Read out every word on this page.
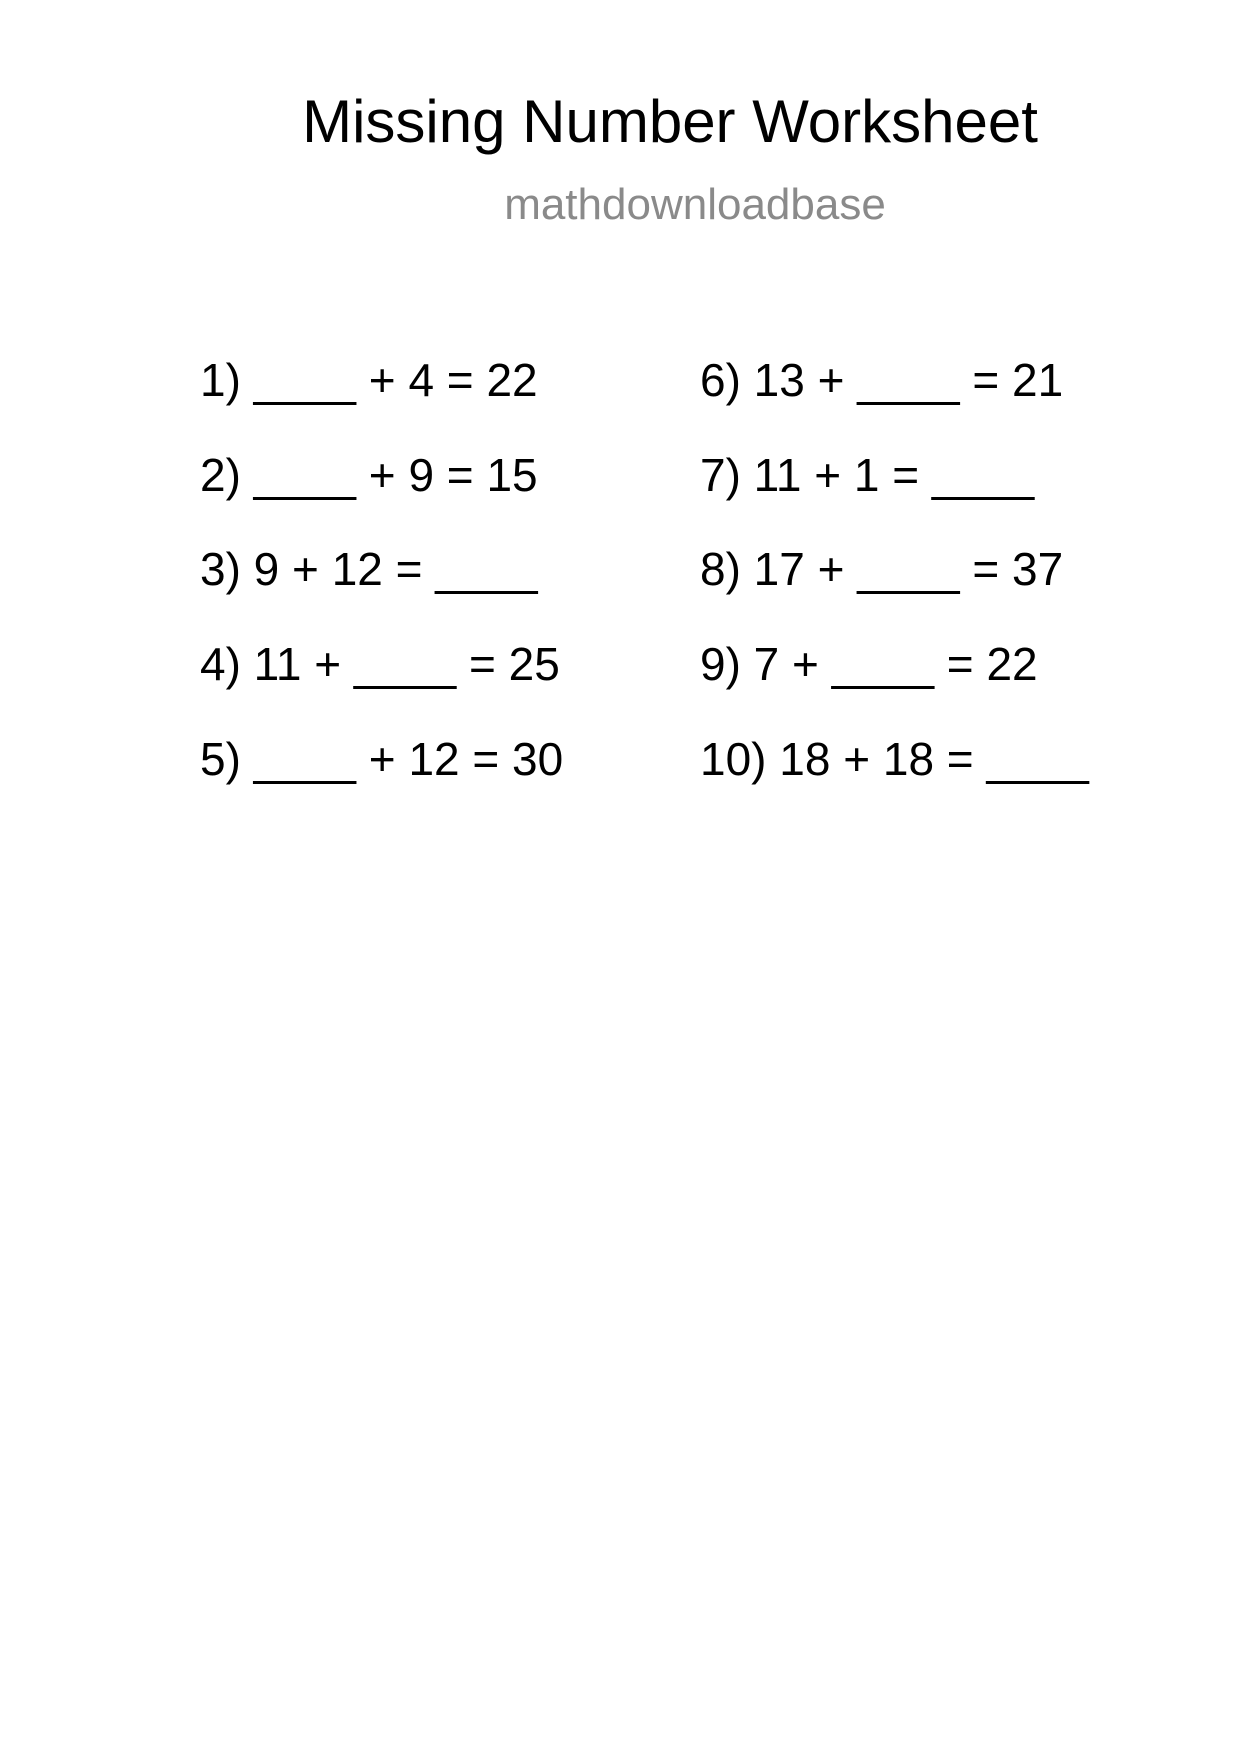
Missing Number Worksheet
mathdownloadbase
1) ____ + 4 = 22
2) ____ + 9 = 15
3) 9 + 12 = ____
4) 11 + ____ = 25
5) ____ + 12 = 30
6) 13 + ____ = 21
7) 11 + 1 = ____
8) 17 + ____ = 37
9) 7 + ____ = 22
10) 18 + 18 = ____
